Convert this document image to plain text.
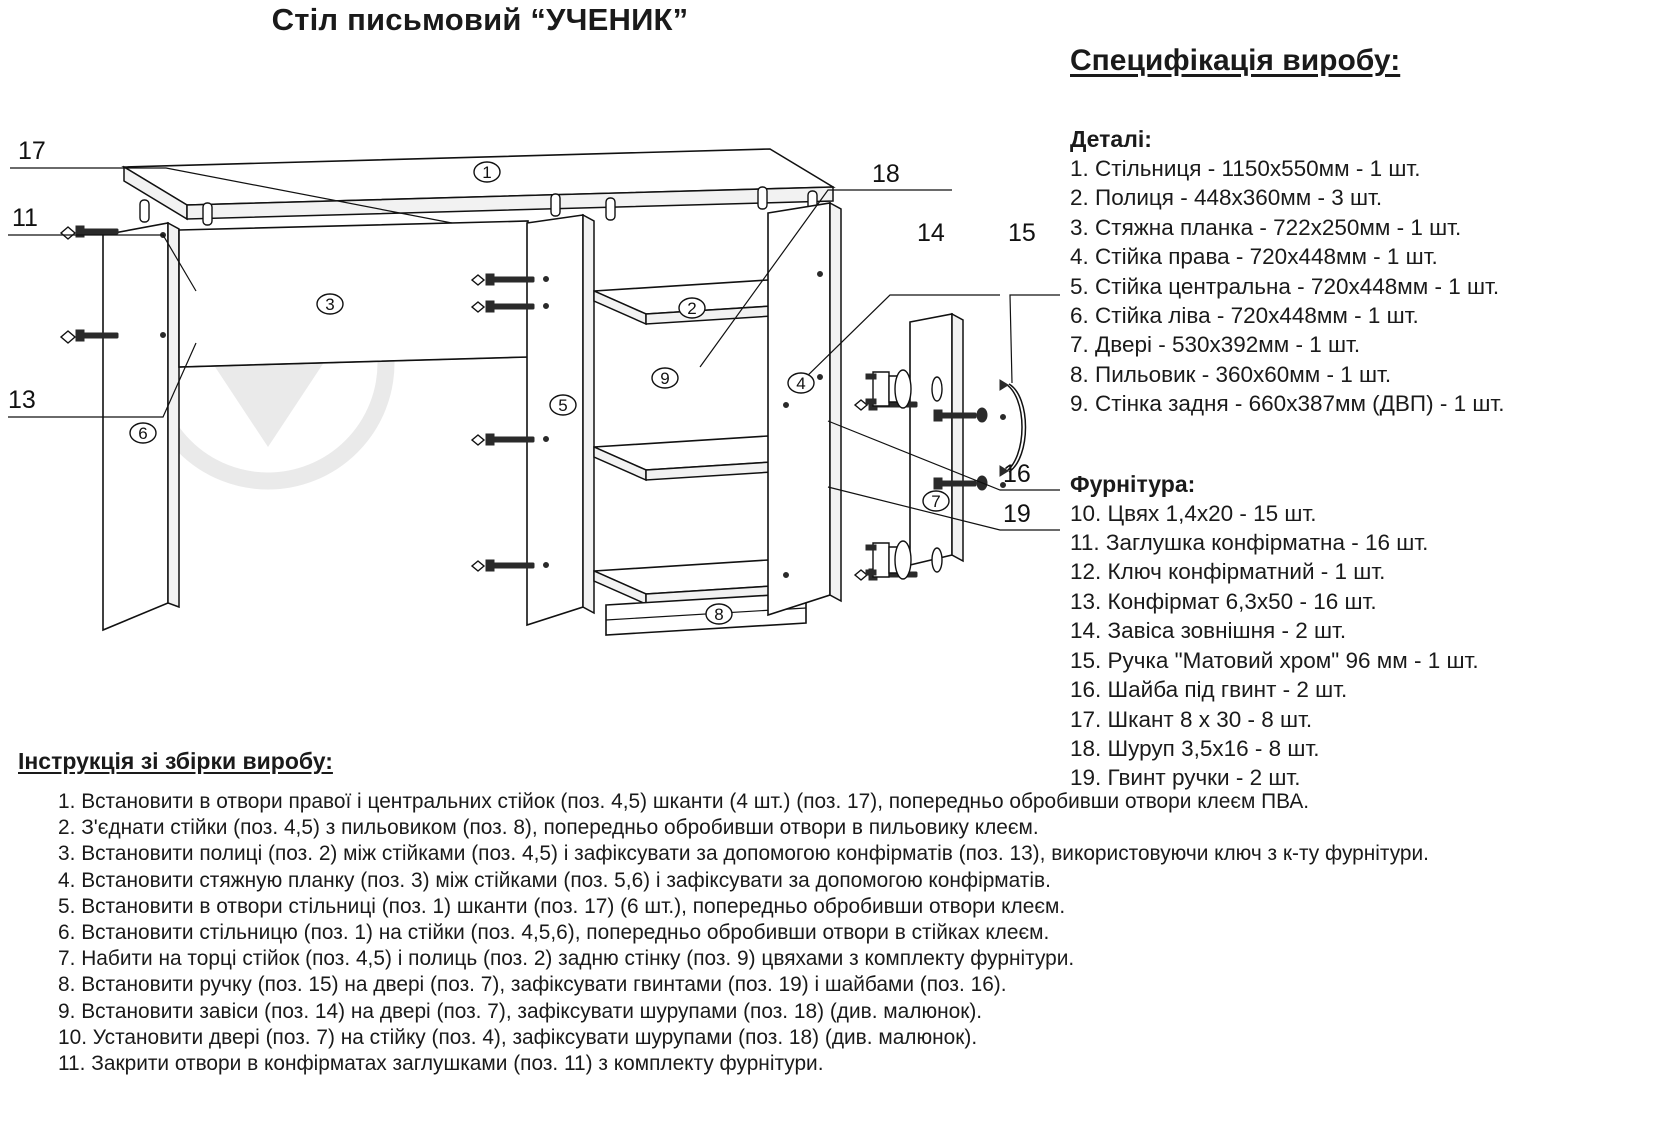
Стіл письмовий “УЧЕНИК”
17
11
13
18
14	15
16
19
1
2
3
4
5
6
7
8
9
Специфікація виробу:
Деталі:
1. Стільниця - 1150х550мм - 1 шт.
2. Полиця - 448х360мм - 3 шт.
3. Стяжна планка - 722х250мм - 1 шт.
4. Стійка права - 720х448мм - 1 шт.
5. Стійка центральна - 720х448мм - 1 шт.
6. Стійка ліва - 720х448мм - 1 шт.
7. Двері - 530х392мм - 1 шт.
8. Пильовик - 360х60мм - 1 шт.
9. Стінка задня - 660х387мм (ДВП) - 1 шт.
Фурнітура:
10. Цвях 1,4х20 - 15 шт.
11. Заглушка конфірматна - 16 шт.
12. Ключ конфірматний - 1 шт.
13. Конфірмат 6,3х50 - 16 шт.
14. Завіса зовнішня - 2 шт.
15. Ручка "Матовий хром" 96 мм - 1 шт.
16. Шайба під гвинт - 2 шт.
17. Шкант 8 х 30 - 8 шт.
18. Шуруп 3,5х16 - 8 шт.
19. Гвинт ручки - 2 шт.
Інструкція зі збірки виробу:
1. Встановити в отвори правої і центральних стійок (поз. 4,5) шканти (4 шт.) (поз. 17), попередньо обробивши отвори клеєм ПВА. 2. З'єднати стійки (поз. 4,5) з пильовиком (поз. 8), попередньо обробивши отвори в пильовику клеєм. 3. Встановити полиці (поз. 2) між стійками (поз. 4,5) і зафіксувати за допомогою конфірматів (поз. 13), використовуючи ключ з к-ту фурнітури. 4. Встановити стяжную планку (поз. 3) між стійками (поз. 5,6) і зафіксувати за допомогою конфірматів. 5. Встановити в отвори стільниці (поз. 1) шканти (поз. 17) (6 шт.), попередньо обробивши отвори клеєм. 6. Встановити стільницю (поз. 1) на стійки (поз. 4,5,6), попередньо обробивши отвори в стійках клеєм. 7. Набити на торці стійок (поз. 4,5) і полиць (поз. 2) задню стінку (поз. 9) цвяхами з комплекту фурнітури. 8. Встановити ручку (поз. 15) на двері (поз. 7), зафіксувати гвинтами (поз. 19) і шайбами (поз. 16). 9. Встановити завіси (поз. 14) на двері (поз. 7), зафіксувати шурупами (поз. 18) (див. малюнок). 10. Установити двері (поз. 7) на стійку (поз. 4), зафіксувати шурупами (поз. 18) (див. малюнок). 11. Закрити отвори в конфірматах заглушками (поз. 11) з комплекту фурнітури.
